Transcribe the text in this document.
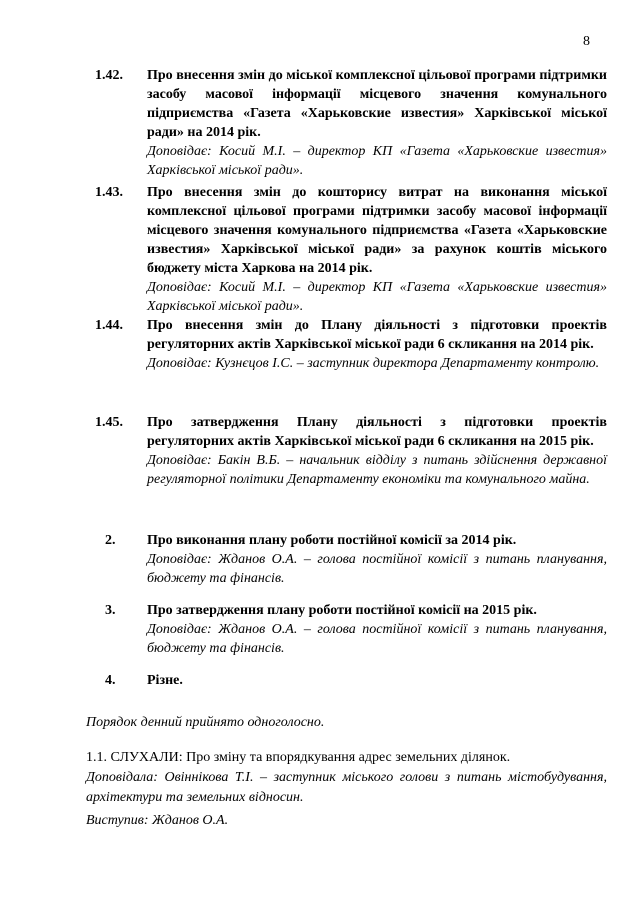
8
1.42. Про внесення змін до міської комплексної цільової програми підтримки засобу масової інформації місцевого значення комунального підприємства «Газета «Харьковские известия» Харківської міської ради» на 2014 рік.
Доповідає: Косий М.І. – директор КП «Газета «Харьковские известия» Харківської міської ради».
1.43. Про внесення змін до кошторису витрат на виконання міської комплексної цільової програми підтримки засобу масової інформації місцевого значення комунального підприємства «Газета «Харьковские известия» Харківської міської ради» за рахунок коштів міського бюджету міста Харкова на 2014 рік.
Доповідає: Косий М.І. – директор КП «Газета «Харьковские известия» Харківської міської ради».
1.44. Про внесення змін до Плану діяльності з підготовки проектів регуляторних актів Харківської міської ради 6 скликання на 2014 рік.
Доповідає: Кузнєцов І.С. – заступник директора Департаменту контролю.
1.45. Про затвердження Плану діяльності з підготовки проектів регуляторних актів Харківської міської ради 6 скликання на 2015 рік.
Доповідає: Бакін В.Б. – начальник відділу з питань здійснення державної регуляторної політики Департаменту економіки та комунального майна.
2. Про виконання плану роботи постійної комісії за 2014 рік.
Доповідає: Жданов О.А. – голова постійної комісії з питань планування, бюджету та фінансів.
3. Про затвердження плану роботи постійної комісії на 2015 рік.
Доповідає: Жданов О.А. – голова постійної комісії з питань планування, бюджету та фінансів.
4. Різне.
Порядок денний прийнято одноголосно.
1.1. СЛУХАЛИ: Про зміну та впорядкування адрес земельних ділянок.
Доповідала: Овіннікова Т.І. – заступник міського голови з питань містобудування, архітектури та земельних відносин.
Виступив: Жданов О.А.
